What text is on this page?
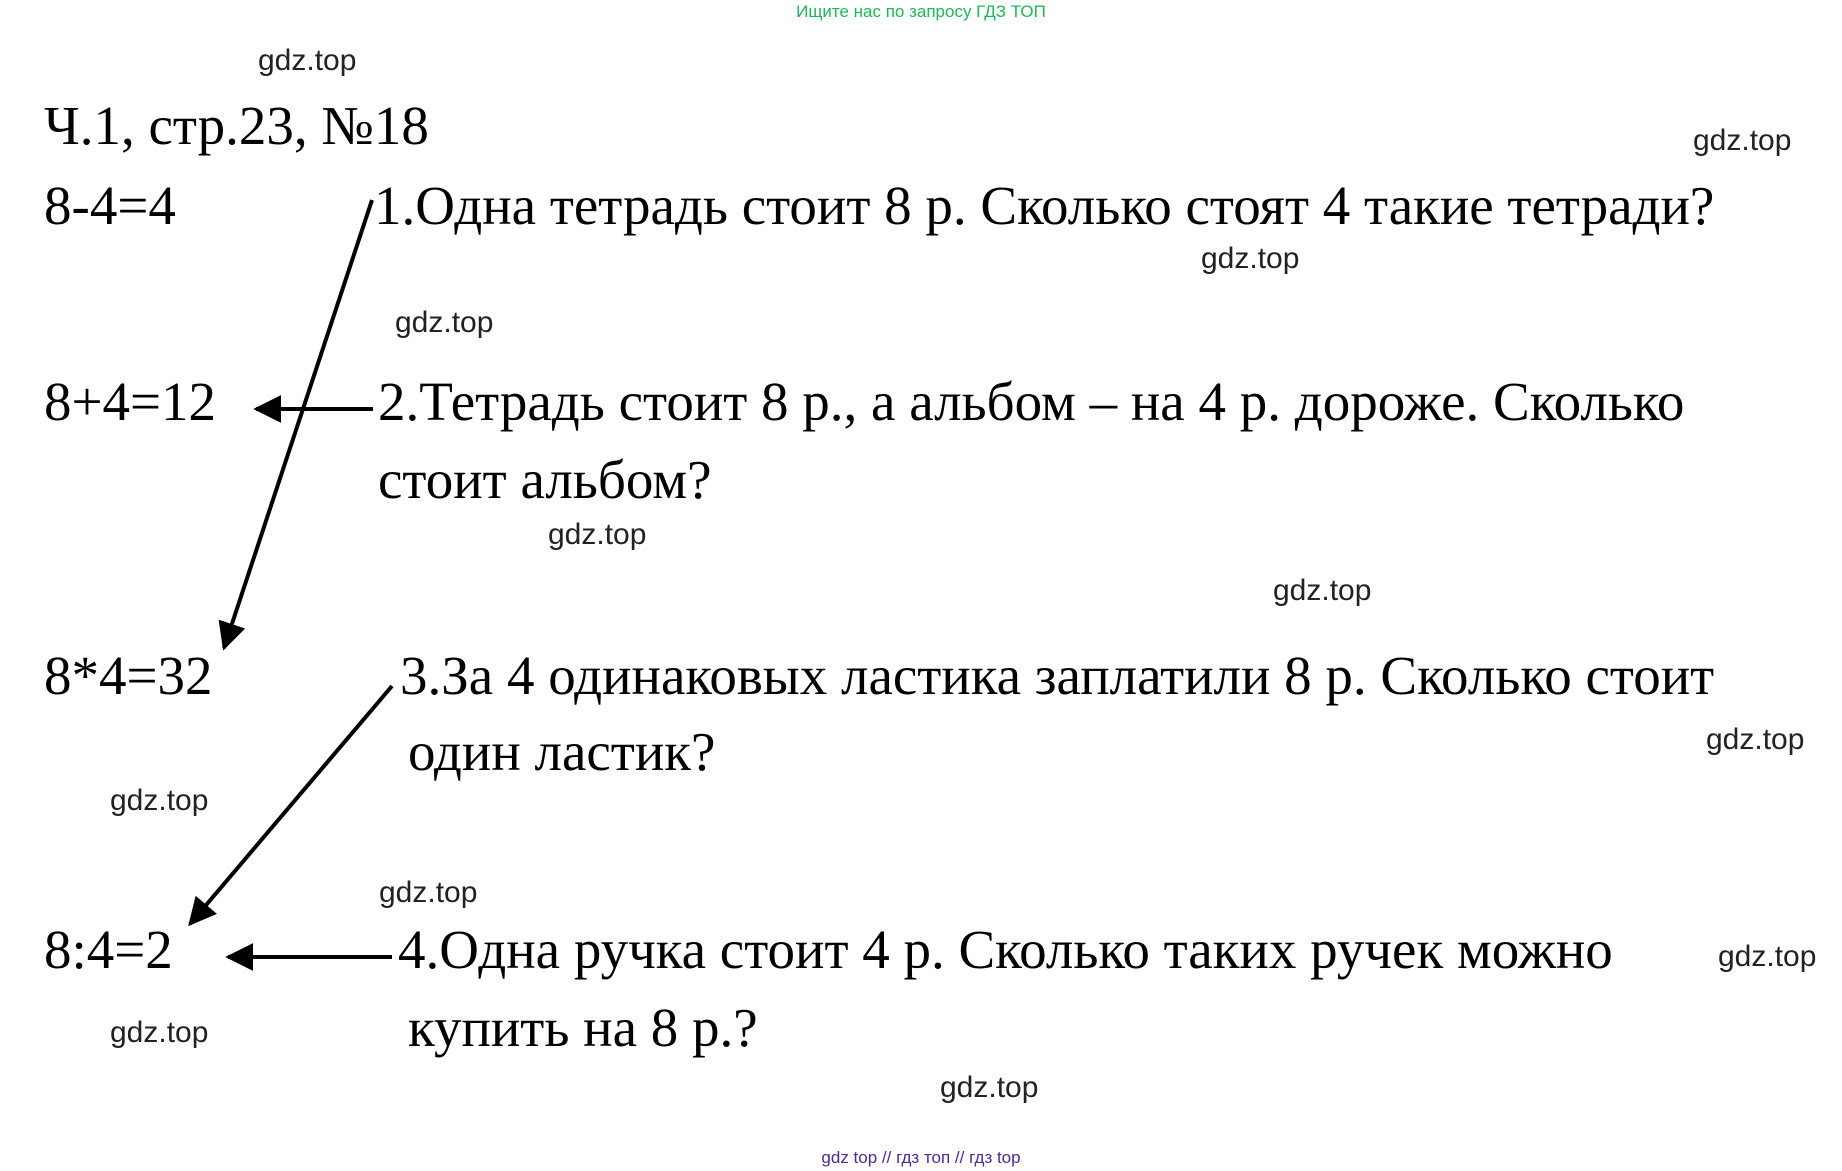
Ищите нас по запросу ГДЗ ТОП
Ч.1, стр.23, №18
8-4=4
8+4=12
8*4=32
8:4=2
1.Одна тетрадь стоит 8 р. Сколько стоят 4 такие тетради?
2.Тетрадь стоит 8 р., а альбом – на 4 р. дороже. Сколько
стоит альбом?
3.За 4 одинаковых ластика заплатили 8 р. Сколько стоит
один ластик?
4.Одна ручка стоит 4 р. Сколько таких ручек можно
купить на 8 р.?
gdz.top
gdz.top
gdz.top
gdz.top
gdz.top
gdz.top
gdz.top
gdz.top
gdz.top
gdz.top
gdz.top
gdz.top
gdz top // гдз топ // гдз top
